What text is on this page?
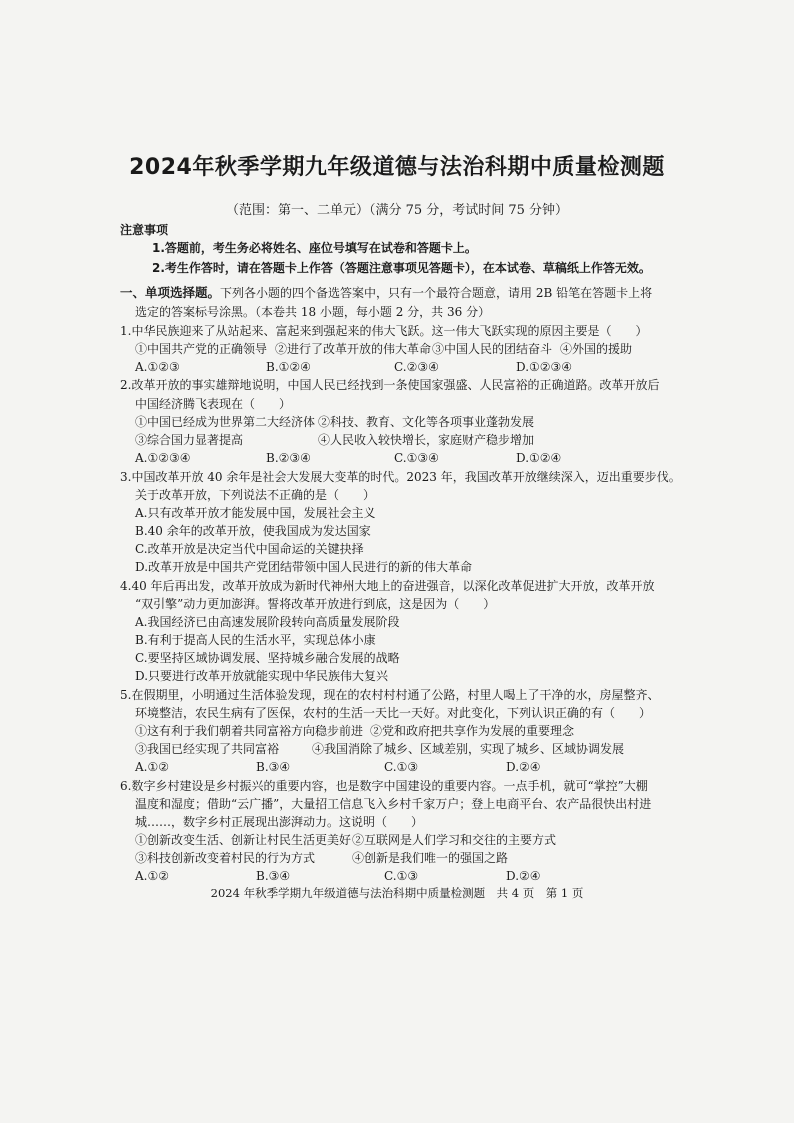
2024年秋季学期九年级道德与法治科期中质量检测题
（范围：第一、二单元）（满分 75 分，考试时间 75 分钟）
注意事项
1.答题前，考生务必将姓名、座位号填写在试卷和答题卡上。
2.考生作答时，请在答题卡上作答（答题注意事项见答题卡），在本试卷、草稿纸上作答无效。
一、单项选择题。下列各小题的四个备选答案中，只有一个最符合题意，请用 2B 铅笔在答题卡上将
选定的答案标号涂黑。（本卷共 18 小题，每小题 2 分，共 36 分）
1.中华民族迎来了从站起来、富起来到强起来的伟大飞跃。这一伟大飞跃实现的原因主要是（　　）
①中国共产党的正确领导 ②进行了改革开放的伟大革命 ③中国人民的团结奋斗 ④外国的援助
A.①②③	B.①②④	C.②③④	D.①②③④
2.改革开放的事实雄辩地说明，中国人民已经找到一条使国家强盛、人民富裕的正确道路。改革开放后
中国经济腾飞表现在（　　）
①中国已经成为世界第二大经济体 ②科技、教育、文化等各项事业蓬勃发展
③综合国力显著提高	④人民收入较快增长，家庭财产稳步增加
A.①②③④	B.②③④	C.①③④	D.①②④
3.中国改革开放 40 余年是社会大发展大变革的时代。2023 年，我国改革开放继续深入，迈出重要步伐。
关于改革开放，下列说法不正确的是（　　）
A.只有改革开放才能发展中国，发展社会主义
B.40 余年的改革开放，使我国成为发达国家
C.改革开放是决定当代中国命运的关键抉择
D.改革开放是中国共产党团结带领中国人民进行的新的伟大革命
4.40 年后再出发，改革开放成为新时代神州大地上的奋进强音，以深化改革促进扩大开放，改革开放
“双引擎”动力更加澎湃。誓将改革开放进行到底，这是因为（　　）
A.我国经济已由高速发展阶段转向高质量发展阶段
B.有利于提高人民的生活水平，实现总体小康
C.要坚持区域协调发展、坚持城乡融合发展的战略
D.只要进行改革开放就能实现中华民族伟大复兴
5.在假期里，小明通过生活体验发现，现在的农村村村通了公路，村里人喝上了干净的水，房屋整齐、
环境整洁，农民生病有了医保，农村的生活一天比一天好。对此变化，下列认识正确的有（　　）
①这有利于我们朝着共同富裕方向稳步前进 ②党和政府把共享作为发展的重要理念
③我国已经实现了共同富裕	④我国消除了城乡、区域差别，实现了城乡、区域协调发展
A.①②	B.③④	C.①③	D.②④
6.数字乡村建设是乡村振兴的重要内容，也是数字中国建设的重要内容。一点手机，就可“掌控”大棚
温度和湿度；借助“云广播”，大量招工信息飞入乡村千家万户；登上电商平台、农产品很快出村进
城……，数字乡村正展现出澎湃动力。这说明（　　）
①创新改变生活、创新让村民生活更美好 ②互联网是人们学习和交往的主要方式
③科技创新改变着村民的行为方式	④创新是我们唯一的强国之路
A.①②	B.③④	C.①③	D.②④
2024 年秋季学期九年级道德与法治科期中质量检测题　共 4 页　第 1 页
